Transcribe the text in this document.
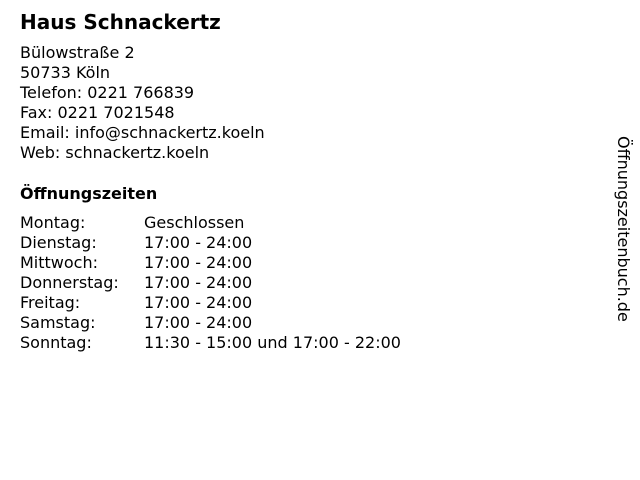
Haus Schnackertz
Bülowstraße 2
50733 Köln
Telefon: 0221 766839
Fax: 0221 7021548
Email: info@schnackertz.koeln
Web: schnackertz.koeln
Öffnungszeiten
Montag:	Geschlossen
Dienstag:	17:00 - 24:00
Mittwoch:	17:00 - 24:00
Donnerstag:	17:00 - 24:00
Freitag:	17:00 - 24:00
Samstag:	17:00 - 24:00
Sonntag:	11:30 - 15:00 und 17:00 - 22:00
Öffnungszeitenbuch.de
